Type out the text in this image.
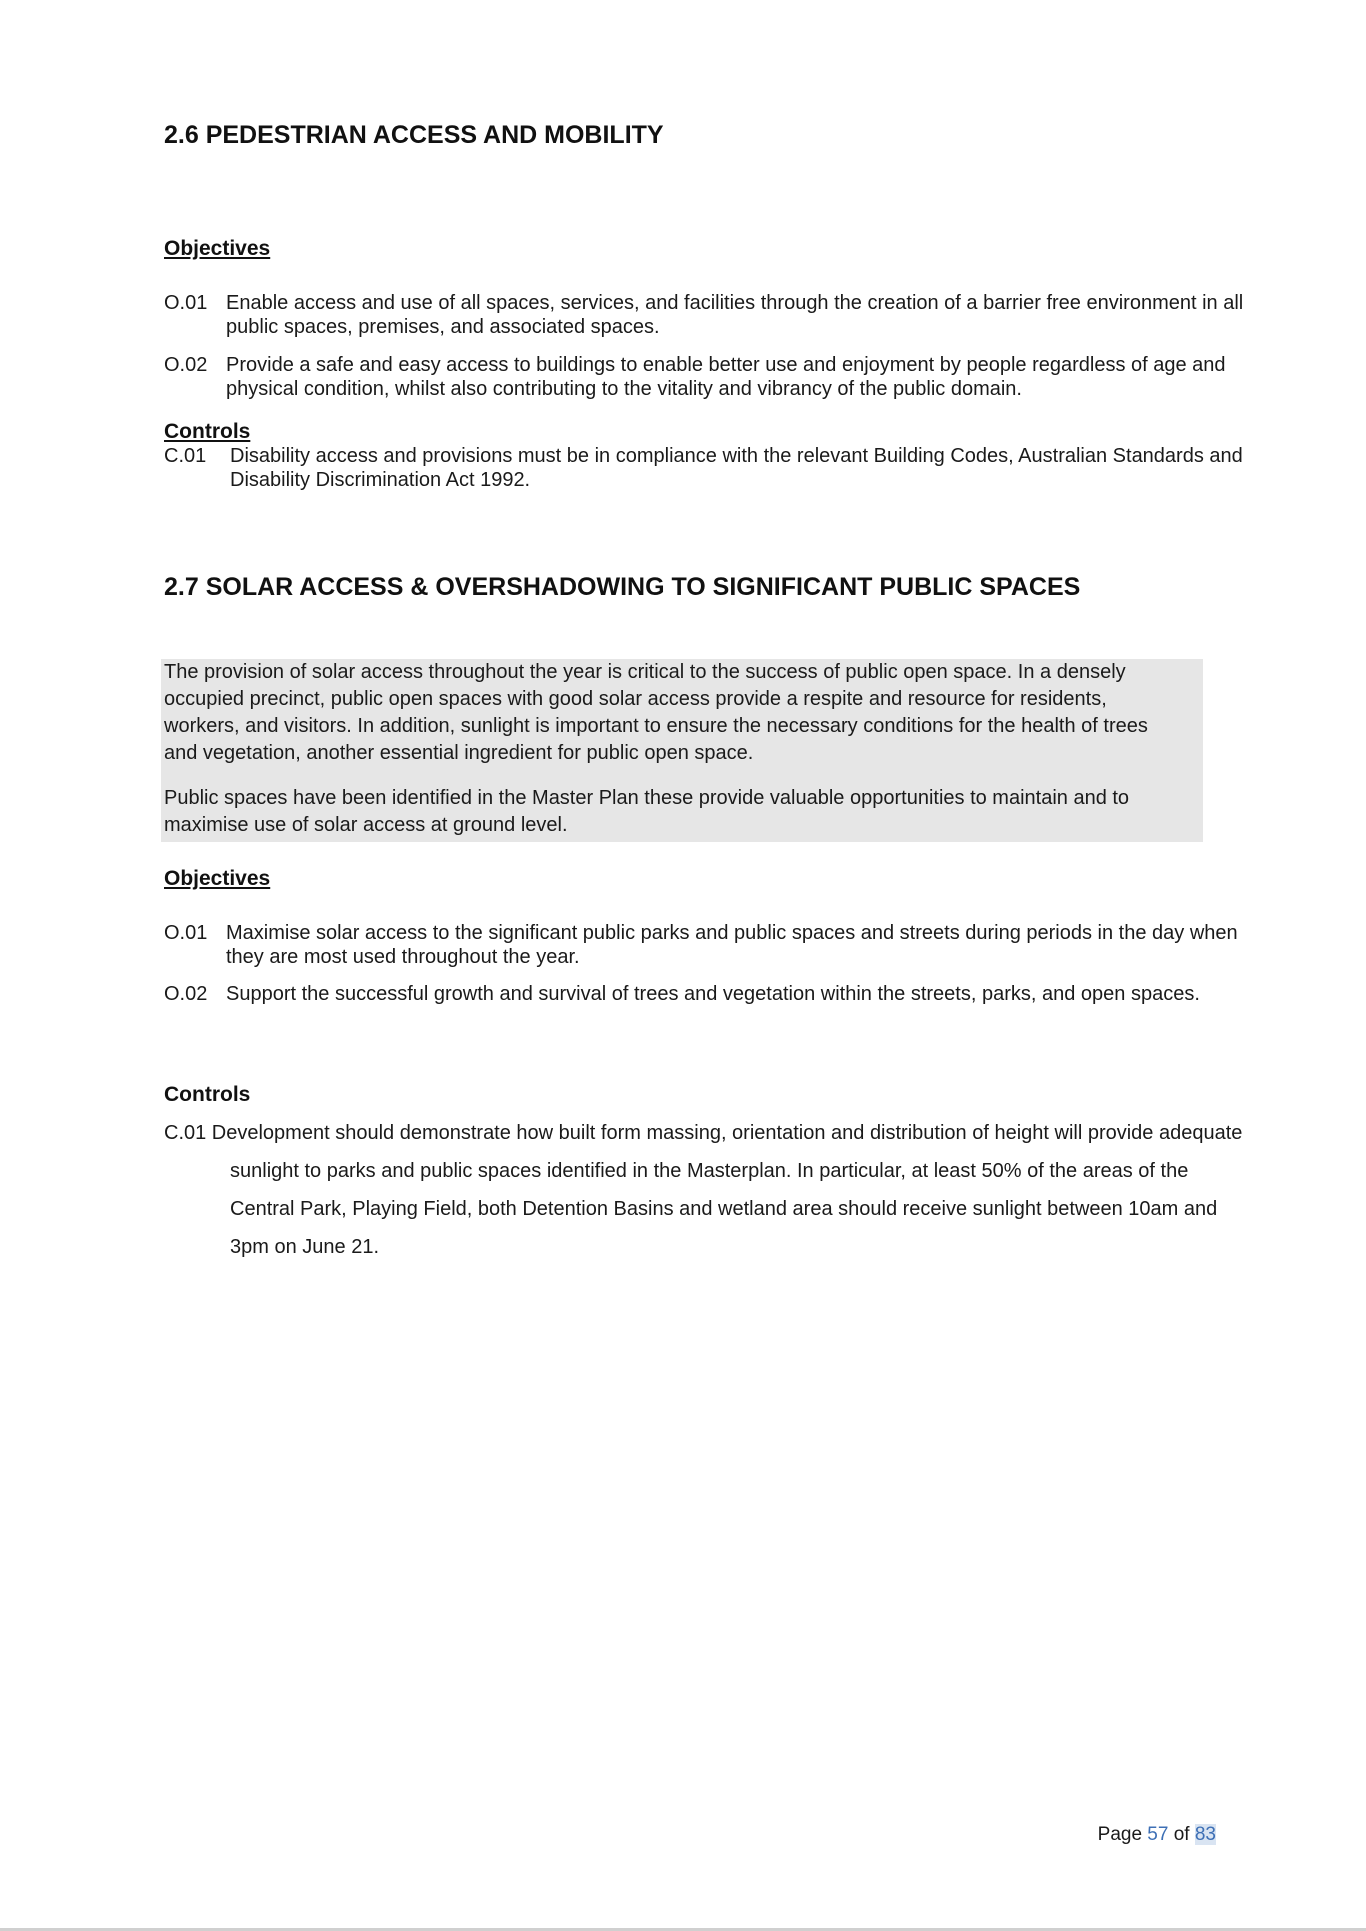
2.6 PEDESTRIAN ACCESS AND MOBILITY
Objectives
O.01 Enable access and use of all spaces, services, and facilities through the creation of a barrier free environment in all public spaces, premises, and associated spaces.
O.02 Provide a safe and easy access to buildings to enable better use and enjoyment by people regardless of age and physical condition, whilst also contributing to the vitality and vibrancy of the public domain.
Controls
C.01 Disability access and provisions must be in compliance with the relevant Building Codes, Australian Standards and Disability Discrimination Act 1992.
2.7 SOLAR ACCESS & OVERSHADOWING TO SIGNIFICANT PUBLIC SPACES

The provision of solar access throughout the year is critical to the success of public open space. In a densely occupied precinct, public open spaces with good solar access provide a respite and resource for residents, workers, and visitors. In addition, sunlight is important to ensure the necessary conditions for the health of trees and vegetation, another essential ingredient for public open space.

Public spaces have been identified in the Master Plan these provide valuable opportunities to maintain and to maximise use of solar access at ground level.

Objectives
O.01 Maximise solar access to the significant public parks and public spaces and streets during periods in the day when they are most used throughout the year.
O.02 Support the successful growth and survival of trees and vegetation within the streets, parks, and open spaces.
Controls
C.01 Development should demonstrate how built form massing, orientation and distribution of height will provide adequate sunlight to parks and public spaces identified in the Masterplan. In particular, at least 50% of the areas of the Central Park, Playing Field, both Detention Basins and wetland area should receive sunlight between 10am and 3pm on June 21.
Page 57 of 83
